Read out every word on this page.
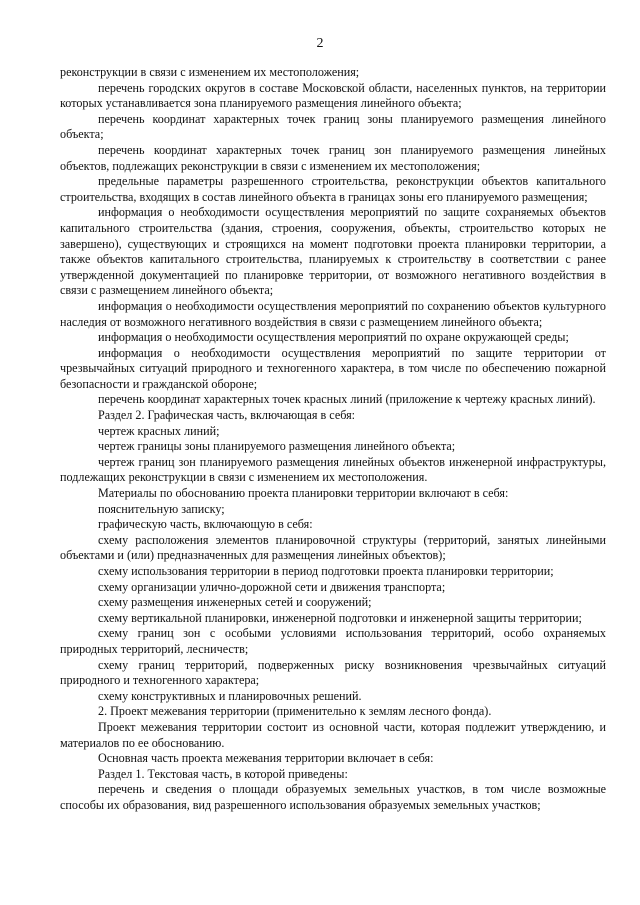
2

реконструкции в связи с изменением их местоположения;

перечень городских округов в составе Московской области, населенных пунктов, на территории которых устанавливается зона планируемого размещения линейного объекта;

перечень координат характерных точек границ зоны планируемого размещения линейного объекта;

перечень координат характерных точек границ зон планируемого размещения линейных объектов, подлежащих реконструкции в связи с изменением их местоположения;

предельные параметры разрешенного строительства, реконструкции объектов капитального строительства, входящих в состав линейного объекта в границах зоны его планируемого размещения;

информация о необходимости осуществления мероприятий по защите сохраняемых объектов капитального строительства (здания, строения, сооружения, объекты, строительство которых не завершено), существующих и строящихся на момент подготовки проекта планировки территории, а также объектов капитального строительства, планируемых к строительству в соответствии с ранее утвержденной документацией по планировке территории, от возможного негативного воздействия в связи с размещением линейного объекта;

информация о необходимости осуществления мероприятий по сохранению объектов культурного наследия от возможного негативного воздействия в связи с размещением линейного объекта;

информация о необходимости осуществления мероприятий по охране окружающей среды;

информация о необходимости осуществления мероприятий по защите территории от чрезвычайных ситуаций природного и техногенного характера, в том числе по обеспечению пожарной безопасности и гражданской обороне;

перечень координат характерных точек красных линий (приложение к чертежу красных линий).

Раздел 2. Графическая часть, включающая в себя:

чертеж красных линий;

чертеж границы зоны планируемого размещения линейного объекта;

чертеж границ зон планируемого размещения линейных объектов инженерной инфраструктуры, подлежащих реконструкции в связи с изменением их местоположения.

Материалы по обоснованию проекта планировки территории включают в себя:

пояснительную записку;

графическую часть, включающую в себя:

схему расположения элементов планировочной структуры (территорий, занятых линейными объектами и (или) предназначенных для размещения линейных объектов);

схему использования территории в период подготовки проекта планировки территории;

схему организации улично-дорожной сети и движения транспорта;

схему размещения инженерных сетей и сооружений;

схему вертикальной планировки, инженерной подготовки и инженерной защиты территории;

схему границ зон с особыми условиями использования территорий, особо охраняемых природных территорий, лесничеств;

схему границ территорий, подверженных риску возникновения чрезвычайных ситуаций природного и техногенного характера;

схему конструктивных и планировочных решений.

2. Проект межевания территории (применительно к землям лесного фонда).

Проект межевания территории состоит из основной части, которая подлежит утверждению, и материалов по ее обоснованию.

Основная часть проекта межевания территории включает в себя:

Раздел 1. Текстовая часть, в которой приведены:

перечень и сведения о площади образуемых земельных участков, в том числе возможные способы их образования, вид разрешенного использования образуемых земельных участков;
